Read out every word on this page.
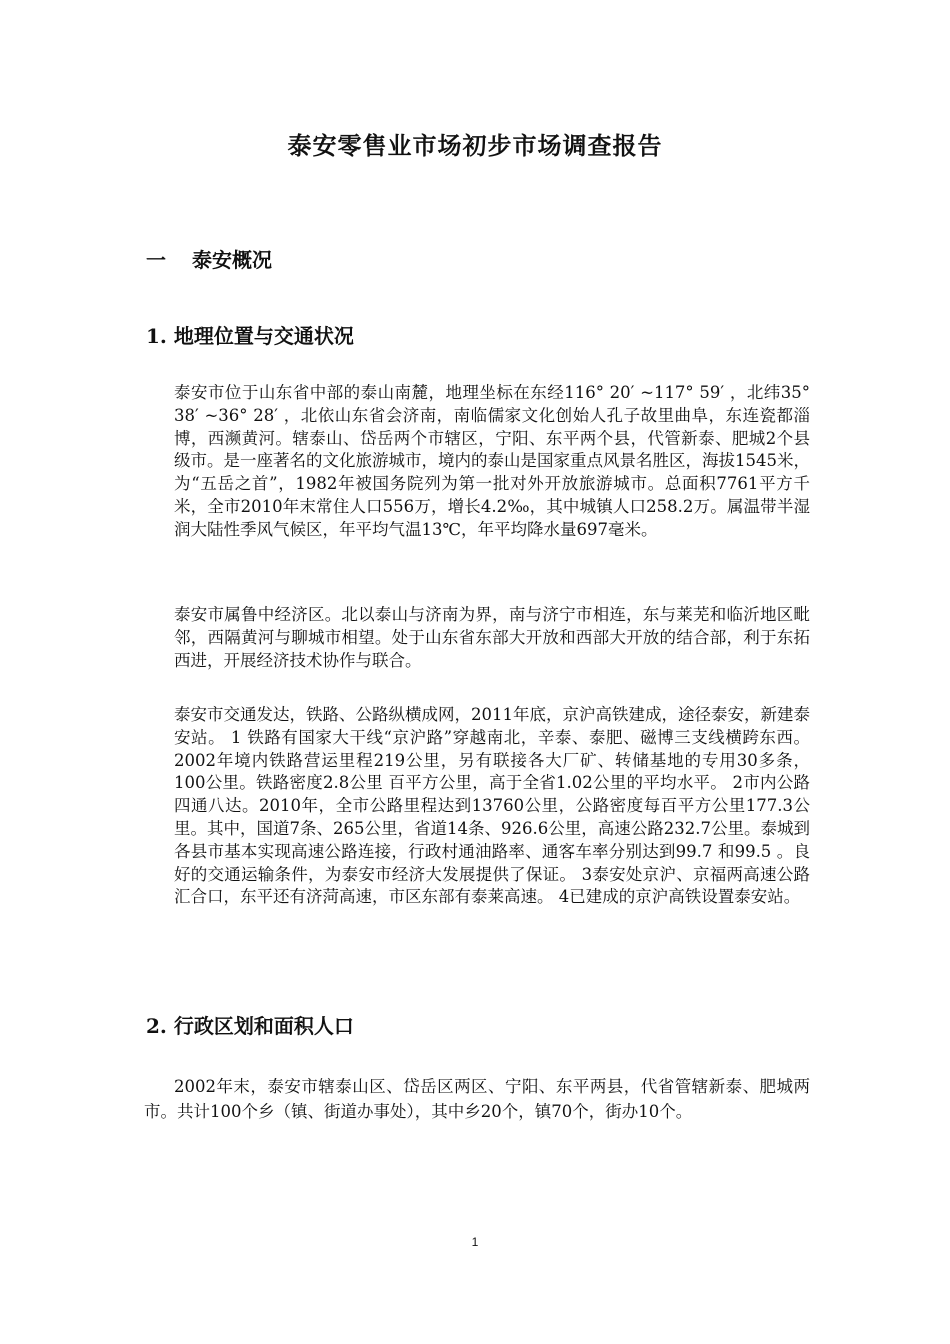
泰安零售业市场初步市场调查报告
一 泰安概况
1. 地理位置与交通状况

泰安市位于山东省中部的泰山南麓，地理坐标在东经116° 20′ ~117° 59′ ，北纬35° 38′ ~36° 28′ ，北依山东省会济南，南临儒家文化创始人孔子故里曲阜，东连瓷都淄博，西濒黄河。辖泰山、岱岳两个市辖区，宁阳、东平两个县，代管新泰、肥城2个县级市。是一座著名的文化旅游城市，境内的泰山是国家重点风景名胜区，海拔1545米，为“五岳之首”，1982年被国务院列为第一批对外开放旅游城市。总面积7761平方千米，全市2010年末常住人口556万，增长4.2‰，其中城镇人口258.2万。属温带半湿润大陆性季风气候区，年平均气温13℃，年平均降水量697毫米。

泰安市属鲁中经济区。北以泰山与济南为界，南与济宁市相连，东与莱芜和临沂地区毗邻，西隔黄河与聊城市相望。处于山东省东部大开放和西部大开放的结合部，利于东拓西进，开展经济技术协作与联合。

泰安市交通发达，铁路、公路纵横成网，2011年底，京沪高铁建成，途径泰安，新建泰安站。 1 铁路有国家大干线“京沪路”穿越南北，辛泰、泰肥、磁博三支线横跨东西。2002年境内铁路营运里程219公里，另有联接各大厂矿、转储基地的专用30多条，100公里。铁路密度2.8公里 百平方公里，高于全省1.02公里的平均水平。 2市内公路四通八达。2010年，全市公路里程达到13760公里，公路密度每百平方公里177.3公里。其中，国道7条、265公里，省道14条、926.6公里，高速公路232.7公里。泰城到各县市基本实现高速公路连接，行政村通油路率、通客车率分别达到99.7 和99.5 。良好的交通运输条件，为泰安市经济大发展提供了保证。 3泰安处京沪、京福两高速公路汇合口，东平还有济菏高速，市区东部有泰莱高速。 4已建成的京沪高铁设置泰安站。

2. 行政区划和面积人口

2002年末，泰安市辖泰山区、岱岳区两区、宁阳、东平两县，代省管辖新泰、肥城两市。共计100个乡（镇、街道办事处），其中乡20个，镇70个，街办10个。

1
